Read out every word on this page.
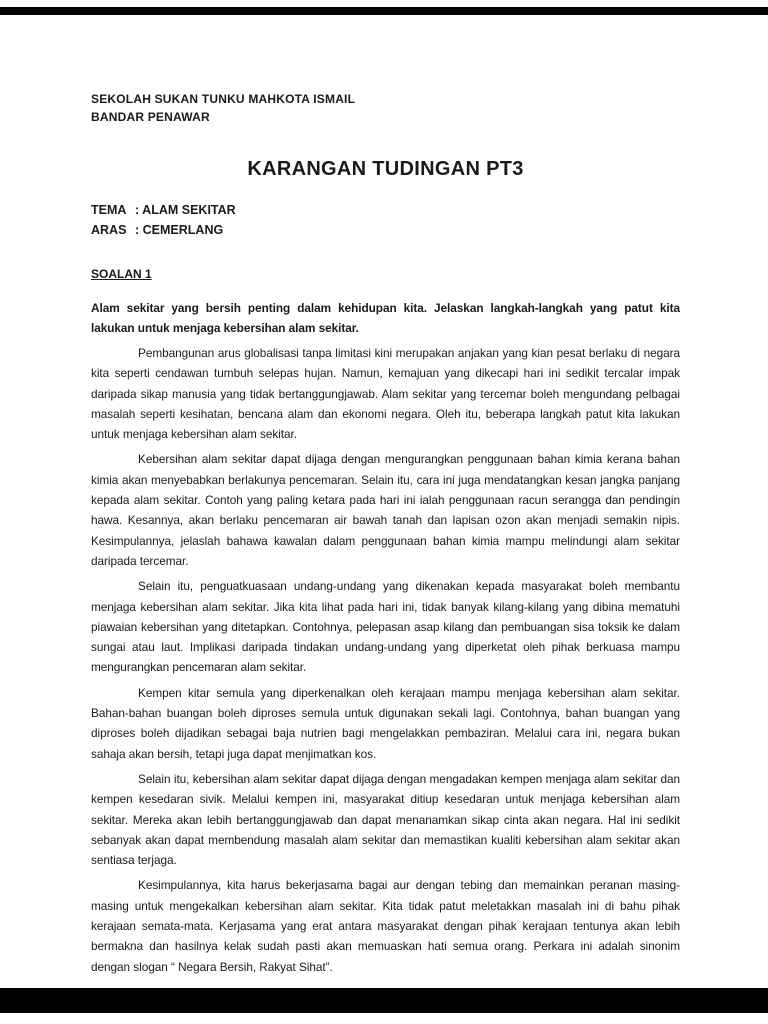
SEKOLAH SUKAN TUNKU MAHKOTA ISMAIL
BANDAR PENAWAR
KARANGAN TUDINGAN PT3
TEMA : ALAM SEKITAR
ARAS : CEMERLANG
SOALAN 1

Alam sekitar yang bersih penting dalam kehidupan kita. Jelaskan langkah-langkah yang patut kita lakukan untuk menjaga kebersihan alam sekitar.

Pembangunan arus globalisasi tanpa limitasi kini merupakan anjakan yang kian pesat berlaku di negara kita seperti cendawan tumbuh selepas hujan. Namun, kemajuan yang dikecapi hari ini sedikit tercalar impak daripada sikap manusia yang tidak bertanggungjawab. Alam sekitar yang tercemar boleh mengundang pelbagai masalah seperti kesihatan, bencana alam dan ekonomi negara. Oleh itu, beberapa langkah patut kita lakukan untuk menjaga kebersihan alam sekitar.

Kebersihan alam sekitar dapat dijaga dengan mengurangkan penggunaan bahan kimia kerana bahan kimia akan menyebabkan berlakunya pencemaran. Selain itu, cara ini juga mendatangkan kesan jangka panjang kepada alam sekitar. Contoh yang paling ketara pada hari ini ialah penggunaan racun serangga dan pendingin hawa. Kesannya, akan berlaku pencemaran air bawah tanah dan lapisan ozon akan menjadi semakin nipis. Kesimpulannya, jelaslah bahawa kawalan dalam penggunaan bahan kimia mampu melindungi alam sekitar daripada tercemar.

Selain itu, penguatkuasaan undang-undang yang dikenakan kepada masyarakat boleh membantu menjaga kebersihan alam sekitar. Jika kita lihat pada hari ini, tidak banyak kilang-kilang yang dibina mematuhi piawaian kebersihan yang ditetapkan. Contohnya, pelepasan asap kilang dan pembuangan sisa toksik ke dalam sungai atau laut. Implikasi daripada tindakan undang-undang yang diperketat oleh pihak berkuasa mampu mengurangkan pencemaran alam sekitar.

Kempen kitar semula yang diperkenalkan oleh kerajaan mampu menjaga kebersihan alam sekitar. Bahan-bahan buangan boleh diproses semula untuk digunakan sekali lagi. Contohnya, bahan buangan yang diproses boleh dijadikan sebagai baja nutrien bagi mengelakkan pembaziran. Melalui cara ini, negara bukan sahaja akan bersih, tetapi juga dapat menjimatkan kos.

Selain itu, kebersihan alam sekitar dapat dijaga dengan mengadakan kempen menjaga alam sekitar dan kempen kesedaran sivik. Melalui kempen ini, masyarakat ditiup kesedaran untuk menjaga kebersihan alam sekitar. Mereka akan lebih bertanggungjawab dan dapat menanamkan sikap cinta akan negara. Hal ini sedikit sebanyak akan dapat membendung masalah alam sekitar dan memastikan kualiti kebersihan alam sekitar akan sentiasa terjaga.

Kesimpulannya, kita harus bekerjasama bagai aur dengan tebing dan memainkan peranan masing-masing untuk mengekalkan kebersihan alam sekitar. Kita tidak patut meletakkan masalah ini di bahu pihak kerajaan semata-mata. Kerjasama yang erat antara masyarakat dengan pihak kerajaan tentunya akan lebih bermakna dan hasilnya kelak sudah pasti akan memuaskan hati semua orang. Perkara ini adalah sinonim dengan slogan “ Negara Bersih, Rakyat Sihat”.
